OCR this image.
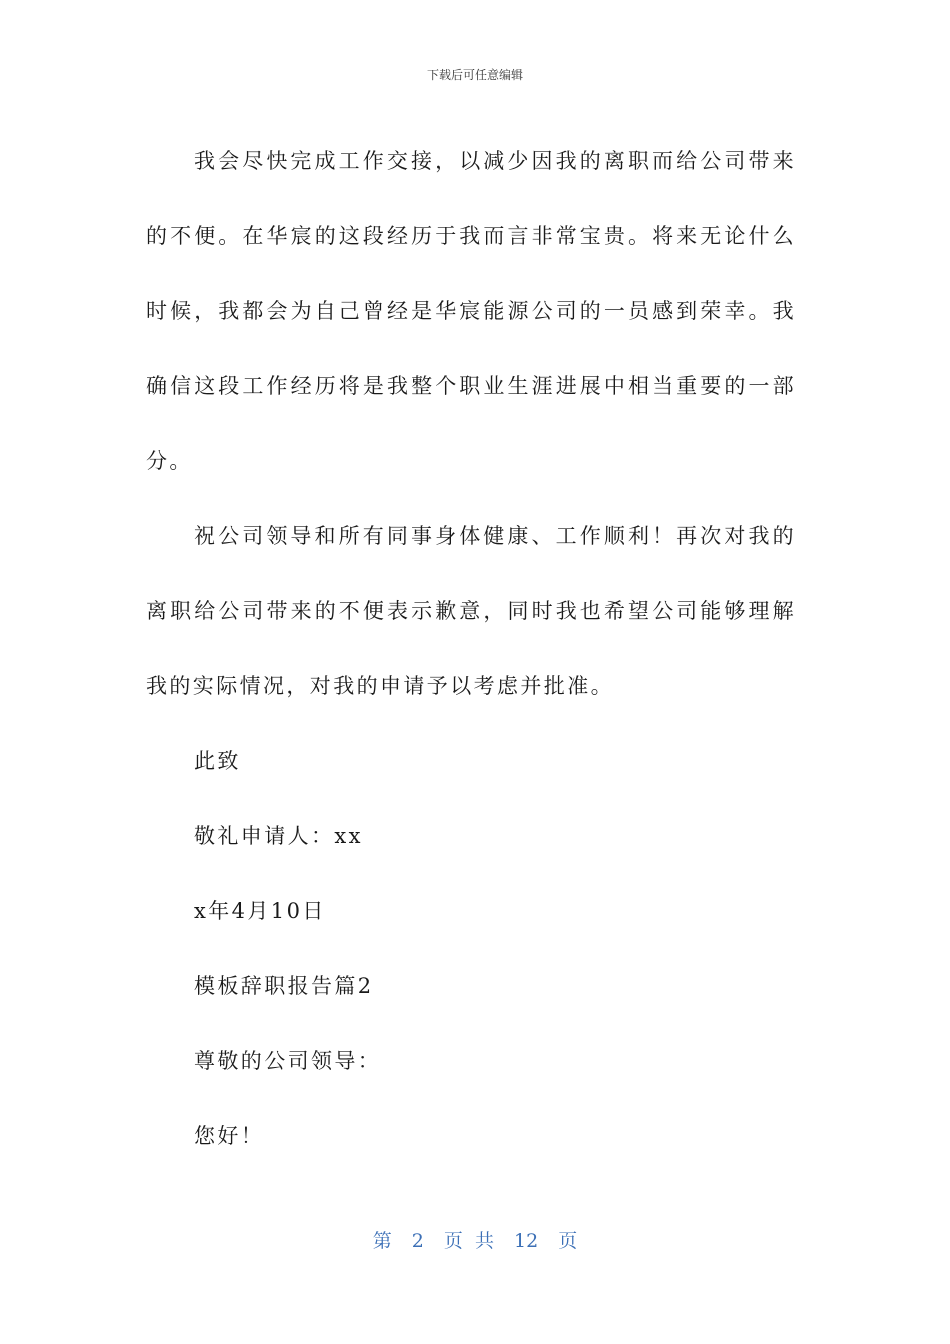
下载后可任意编辑

我会尽快完成工作交接，以减少因我的离职而给公司带来的不便。在华宸的这段经历于我而言非常宝贵。将来无论什么时候，我都会为自己曾经是华宸能源公司的一员感到荣幸。我确信这段工作经历将是我整个职业生涯进展中相当重要的一部分。

祝公司领导和所有同事身体健康、工作顺利！再次对我的离职给公司带来的不便表示歉意，同时我也希望公司能够理解我的实际情况，对我的申请予以考虑并批准。

此致

敬礼申请人：xx

x年4月10日

模板辞职报告篇2

尊敬的公司领导：

您好！

第 2 页 共 12 页
